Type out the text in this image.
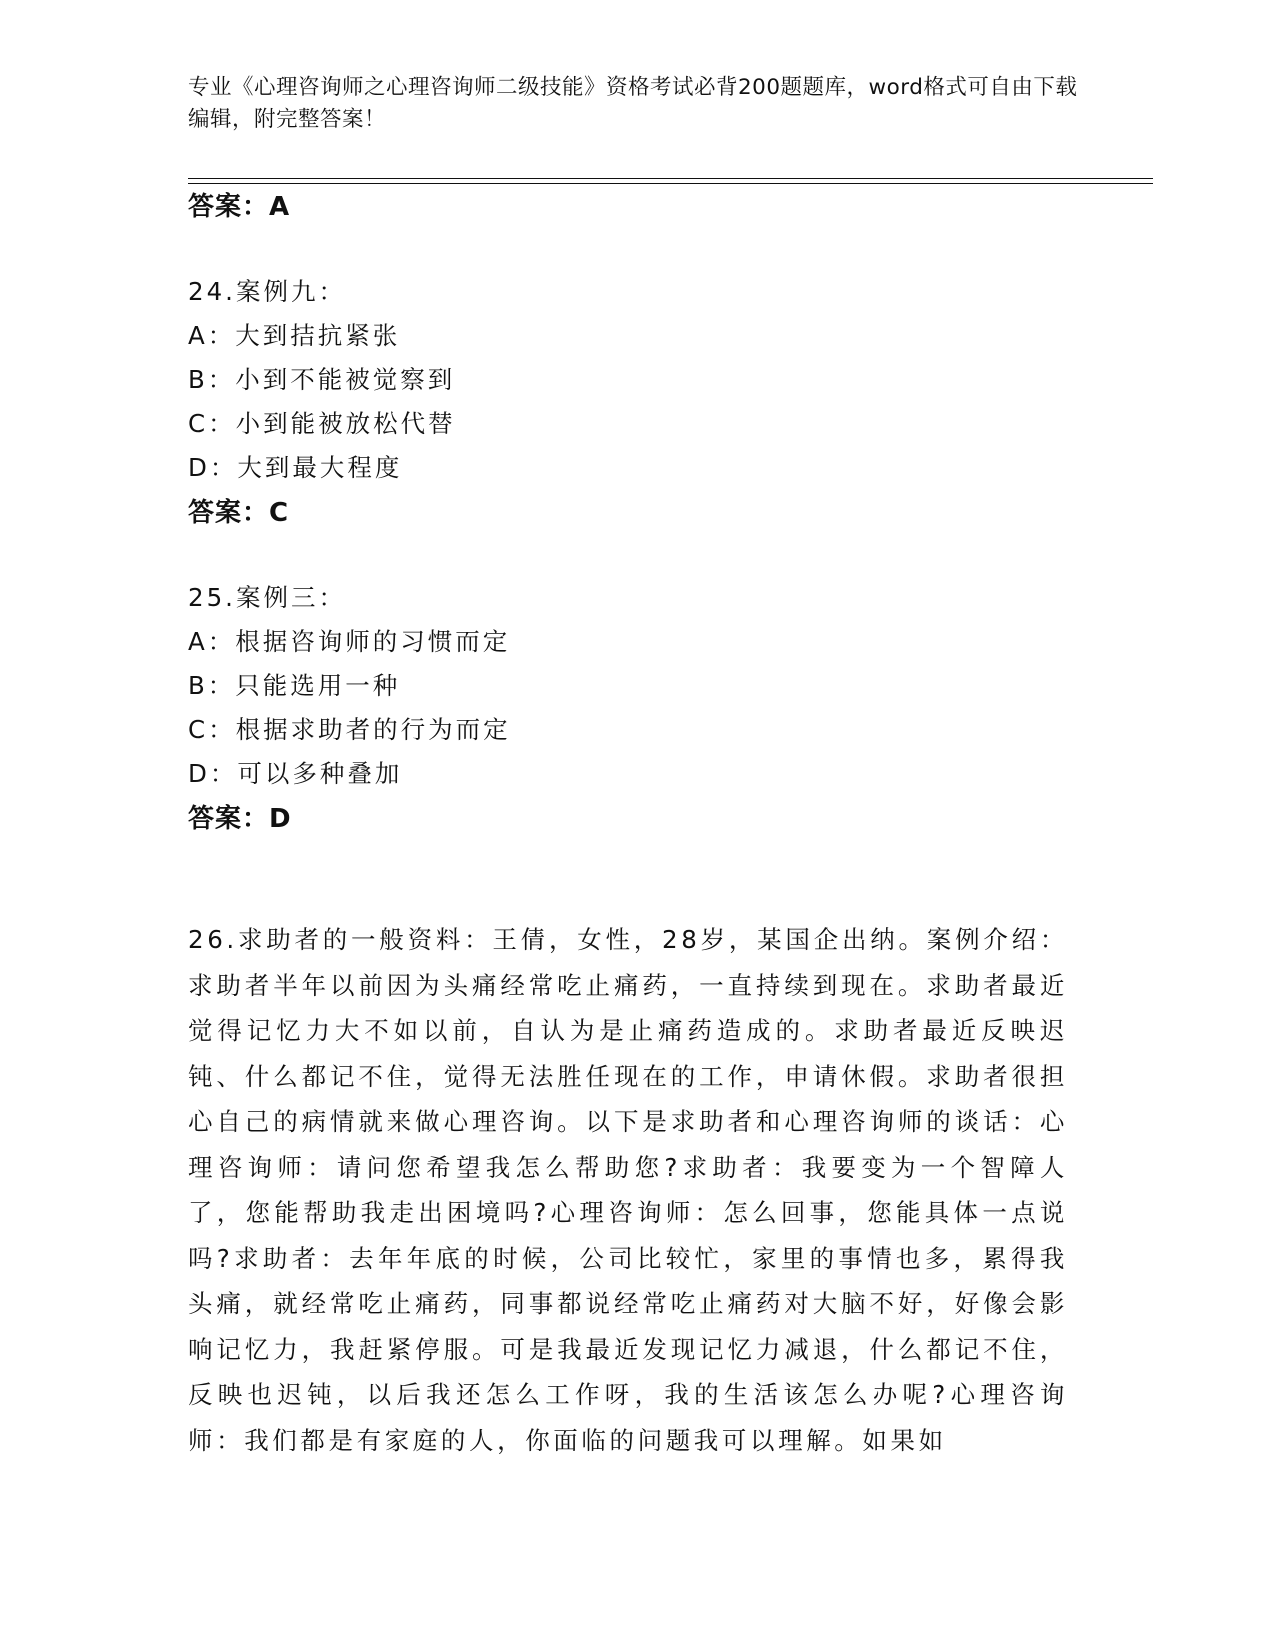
专业《心理咨询师之心理咨询师二级技能》资格考试必背200题题库，word格式可自由下载编辑，附完整答案！
答案：A
24.案例九：
A：大到拮抗紧张
B：小到不能被觉察到
C：小到能被放松代替
D：大到最大程度
答案：C
25.案例三：
A：根据咨询师的习惯而定
B：只能选用一种
C：根据求助者的行为而定
D：可以多种叠加
答案：D
26.求助者的一般资料：王倩，女性，28岁，某国企出纳。案例介绍：求助者半年以前因为头痛经常吃止痛药，一直持续到现在。求助者最近觉得记忆力大不如以前，自认为是止痛药造成的。求助者最近反映迟钝、什么都记不住，觉得无法胜任现在的工作，申请休假。求助者很担心自己的病情就来做心理咨询。以下是求助者和心理咨询师的谈话：心理咨询师：请问您希望我怎么帮助您?求助者：我要变为一个智障人了，您能帮助我走出困境吗?心理咨询师：怎么回事，您能具体一点说吗?求助者：去年年底的时候，公司比较忙，家里的事情也多，累得我头痛，就经常吃止痛药，同事都说经常吃止痛药对大脑不好，好像会影响记忆力，我赶紧停服。可是我最近发现记忆力减退，什么都记不住，反映也迟钝，以后我还怎么工作呀，我的生活该怎么办呢?心理咨询师：我们都是有家庭的人，你面临的问题我可以理解。如果如
